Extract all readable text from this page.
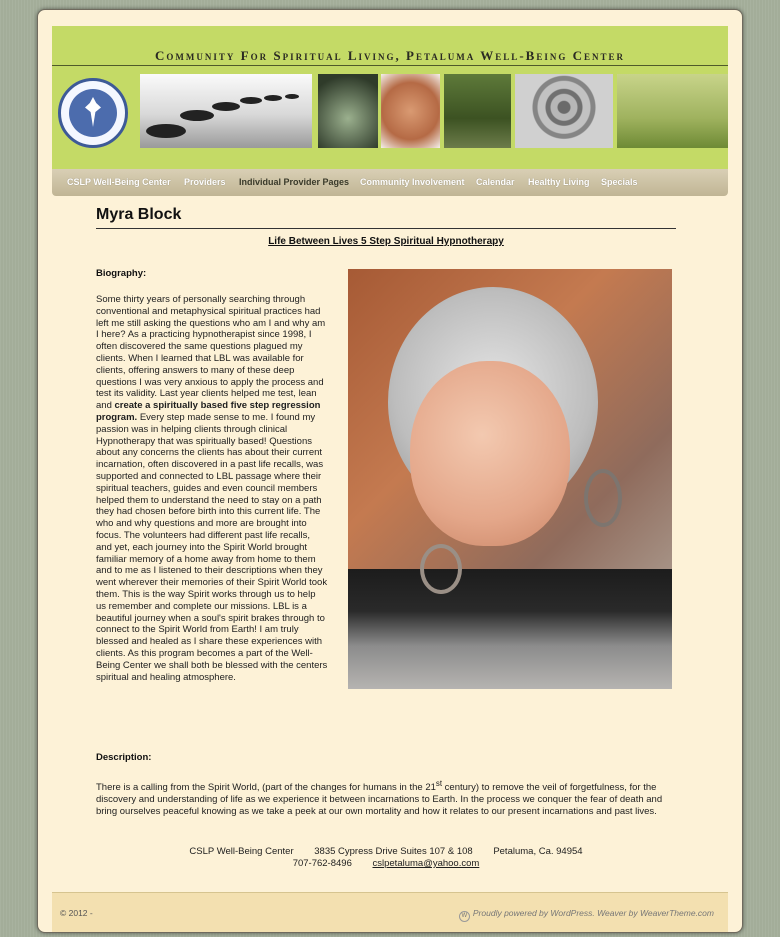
Community For Spiritual Living, Petaluma Well-Being Center
CSLP Well-Being Center Providers Individual Provider Pages Community Involvement Calendar Healthy Living Specials
Myra Block
Life Between Lives 5 Step Spiritual Hypnotherapy
Biography:

Some thirty years of personally searching through conventional and metaphysical spiritual practices had left me still asking the questions who am I and why am I here? As a practicing hypnotherapist since 1998, I often discovered the same questions plagued my clients. When I learned that LBL was available for clients, offering answers to many of these deep questions I was very anxious to apply the process and test its validity. Last year clients helped me test, lean and create a spiritually based five step regression program. Every step made sense to me. I found my passion was in helping clients through clinical Hypnotherapy that was spiritually based! Questions about any concerns the clients has about their current incarnation, often discovered in a past life recalls, was supported and connected to LBL passage where their spiritual teachers, guides and even council members helped them to understand the need to stay on a path they had chosen before birth into this current life. The who and why questions and more are brought into focus. The volunteers had different past life recalls, and yet, each journey into the Spirit World brought familiar memory of a home away from home to them and to me as I listened to their descriptions when they went wherever their memories of their Spirit World took them. This is the way Spirit works through us to help us remember and complete our missions. LBL is a beautiful journey when a soul's spirit brakes through to connect to the Spirit World from Earth! I am truly blessed and healed as I share these experiences with clients. As this program becomes a part of the Well-Being Center we shall both be blessed with the centers spiritual and healing atmosphere.

Description:

There is a calling from the Spirit World, (part of the changes for humans in the 21st century) to remove the veil of forgetfulness, for the discovery and understanding of life as we experience it between incarnations to Earth. In the process we conquer the fear of death and bring ourselves peaceful knowing as we take a peek at our own mortality and how it relates to our present incarnations and past lives.

CSLP Well-Being Center 3835 Cypress Drive Suites 107 & 108 Petaluma, Ca. 94954
707-762-8496 cslpetaluma@yahoo.com
© 2012 -	W Proudly powered by WordPress. Weaver by WeaverTheme.com
